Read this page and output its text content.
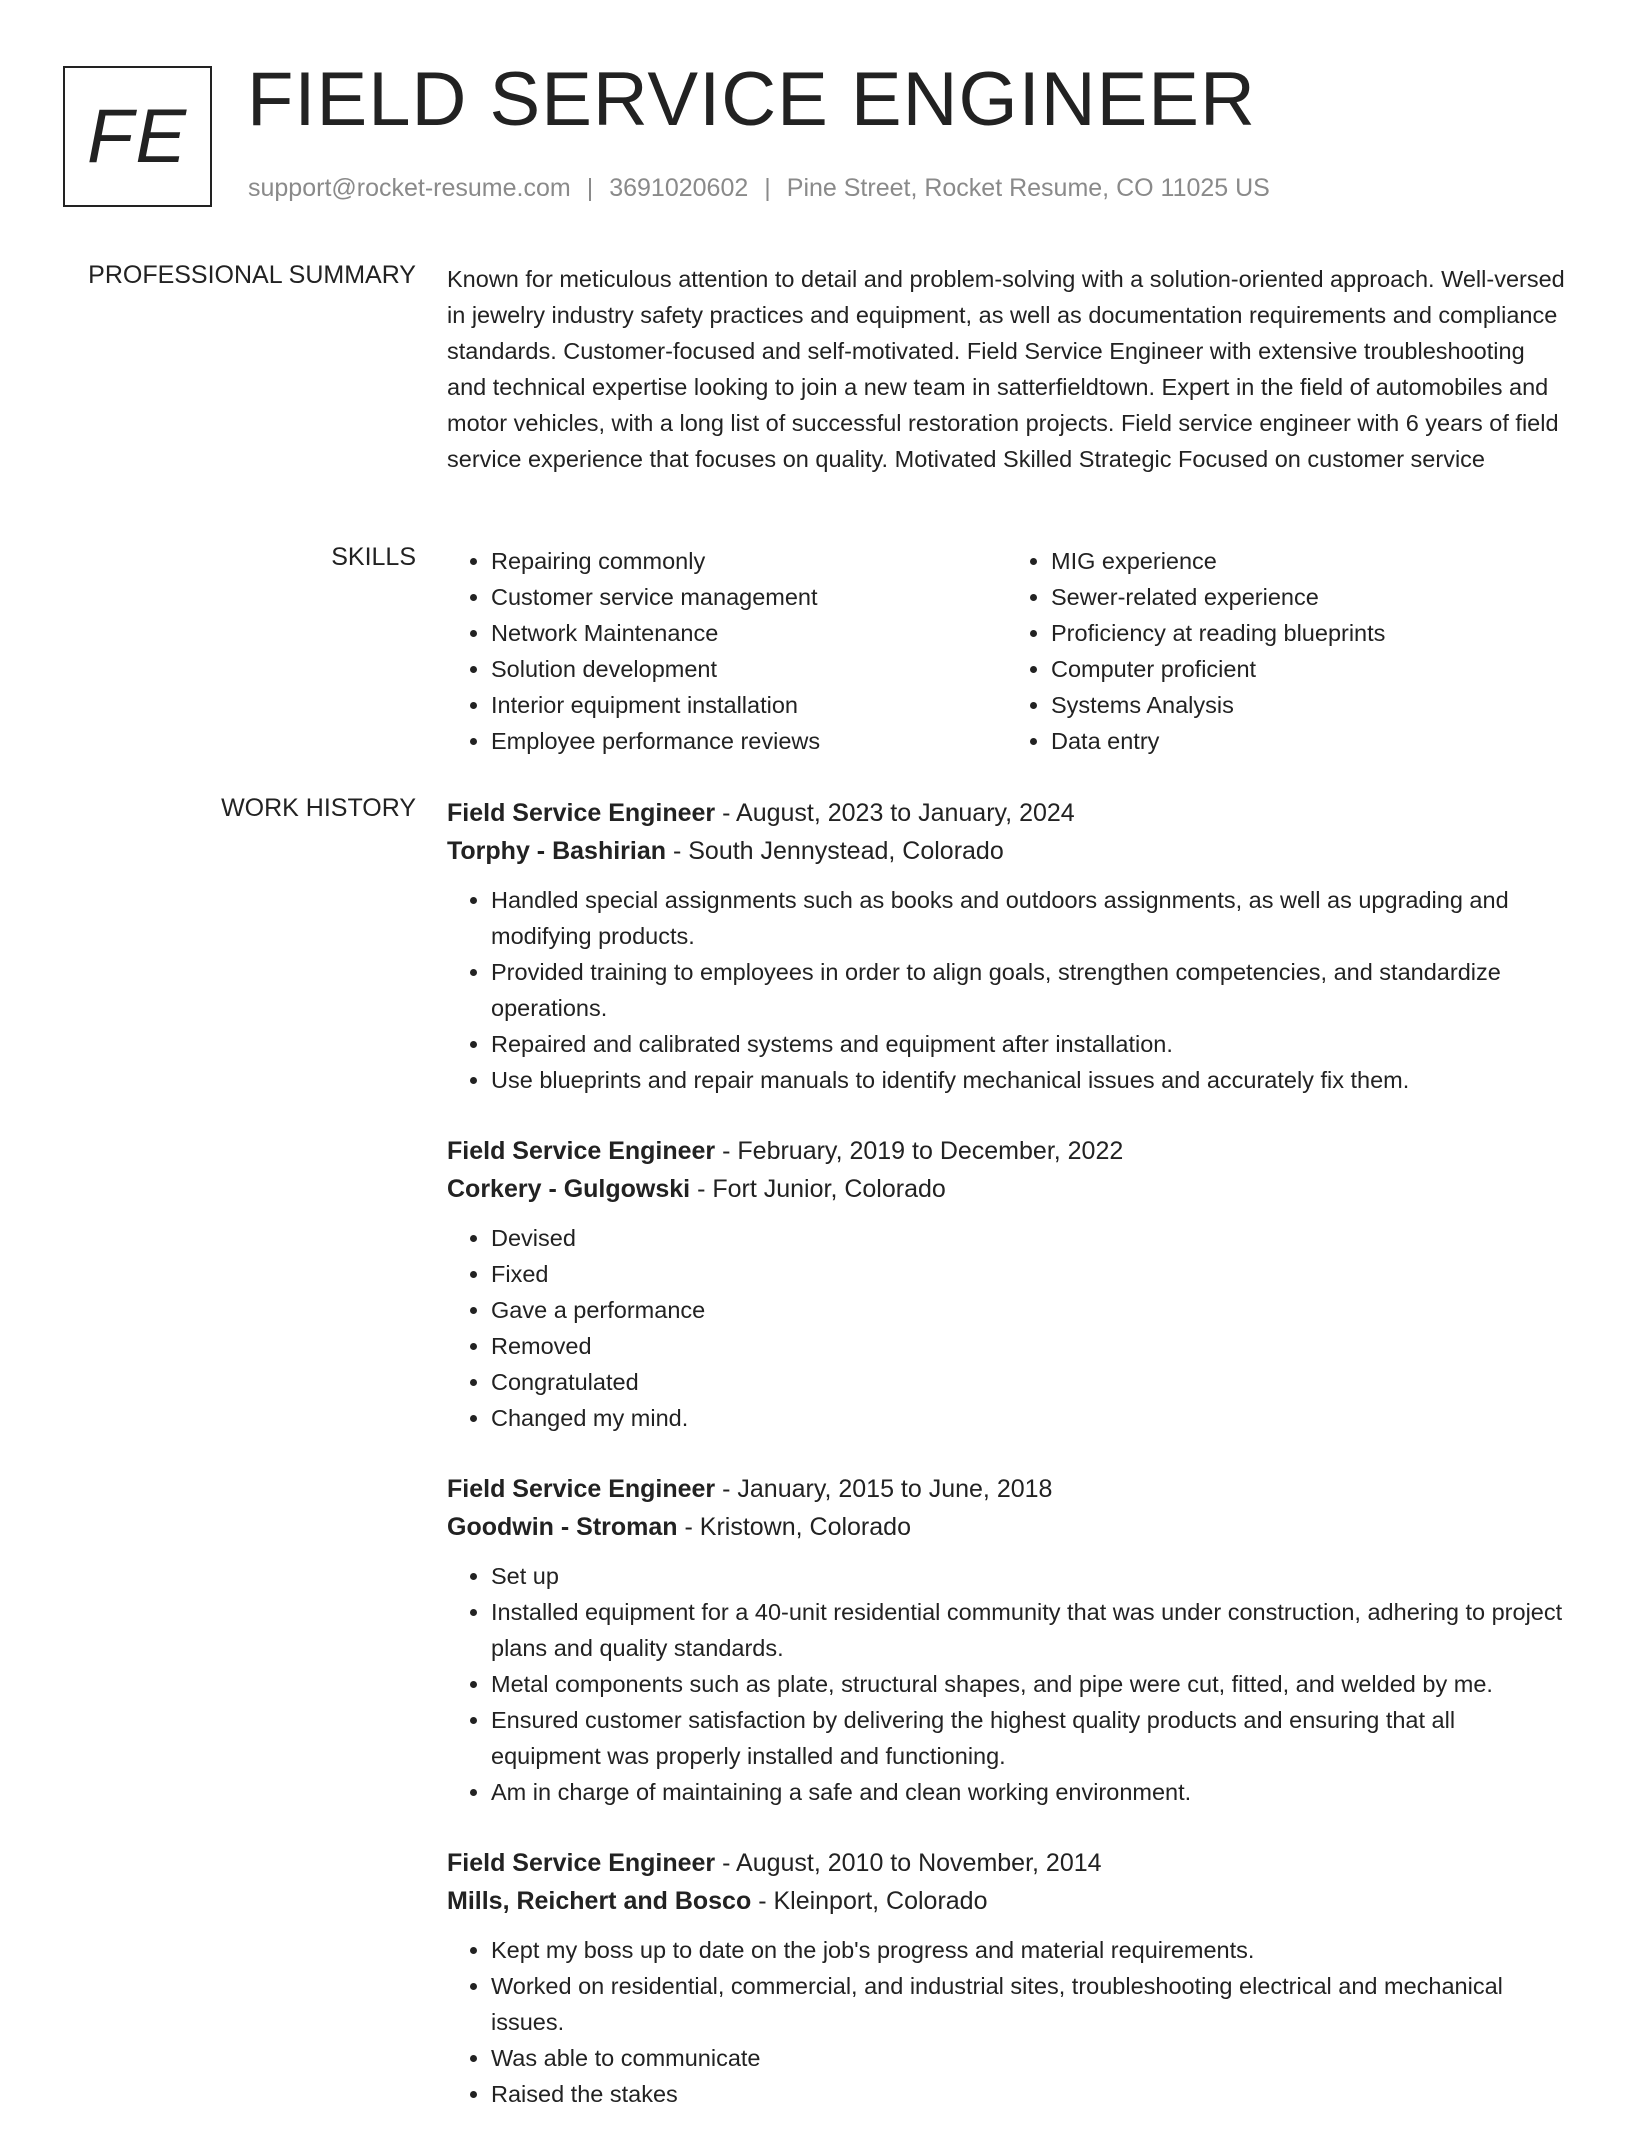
FE FIELD SERVICE ENGINEER
support@rocket-resume.com | 3691020602 | Pine Street, Rocket Resume, CO 11025 US
PROFESSIONAL SUMMARY Known for meticulous attention to detail and problem-solving with a solution-oriented approach. Well-versed in jewelry industry safety practices and equipment, as well as documentation requirements and compliance standards. Customer-focused and self-motivated. Field Service Engineer with extensive troubleshooting and technical expertise looking to join a new team in satterfieldtown. Expert in the field of automobiles and motor vehicles, with a long list of successful restoration projects. Field service engineer with 6 years of field service experience that focuses on quality. Motivated Skilled Strategic Focused on customer service

SKILLS
•	Repairing commonly
• Customer service management
• Network Maintenance
• Solution development
• Interior equipment installation
• Employee performance reviews
• MIG experience
• Sewer-related experience
• Proficiency at reading blueprints
• Computer proficient
• Systems Analysis
• Data entry
WORK HISTORY Field Service Engineer - August, 2023 to January, 2024
Torphy - Bashirian - South Jennystead, Colorado
• Handled special assignments such as books and outdoors assignments, as well as upgrading and modifying products.
• Provided training to employees in order to align goals, strengthen competencies, and standardize operations.
• Repaired and calibrated systems and equipment after installation.
• Use blueprints and repair manuals to identify mechanical issues and accurately fix them.
Field Service Engineer - February, 2019 to December, 2022
Corkery - Gulgowski - Fort Junior, Colorado
• Devised
• Fixed
• Gave a performance
• Removed
• Congratulated
• Changed my mind.
Field Service Engineer - January, 2015 to June, 2018
Goodwin - Stroman - Kristown, Colorado
• Set up
• Installed equipment for a 40-unit residential community that was under construction, adhering to project plans and quality standards.
• Metal components such as plate, structural shapes, and pipe were cut, fitted, and welded by me.
• Ensured customer satisfaction by delivering the highest quality products and ensuring that all equipment was properly installed and functioning.
• Am in charge of maintaining a safe and clean working environment.
Field Service Engineer - August, 2010 to November, 2014
Mills, Reichert and Bosco - Kleinport, Colorado
• Kept my boss up to date on the job's progress and material requirements.
• Worked on residential, commercial, and industrial sites, troubleshooting electrical and mechanical issues.
• Was able to communicate
• Raised the stakes
